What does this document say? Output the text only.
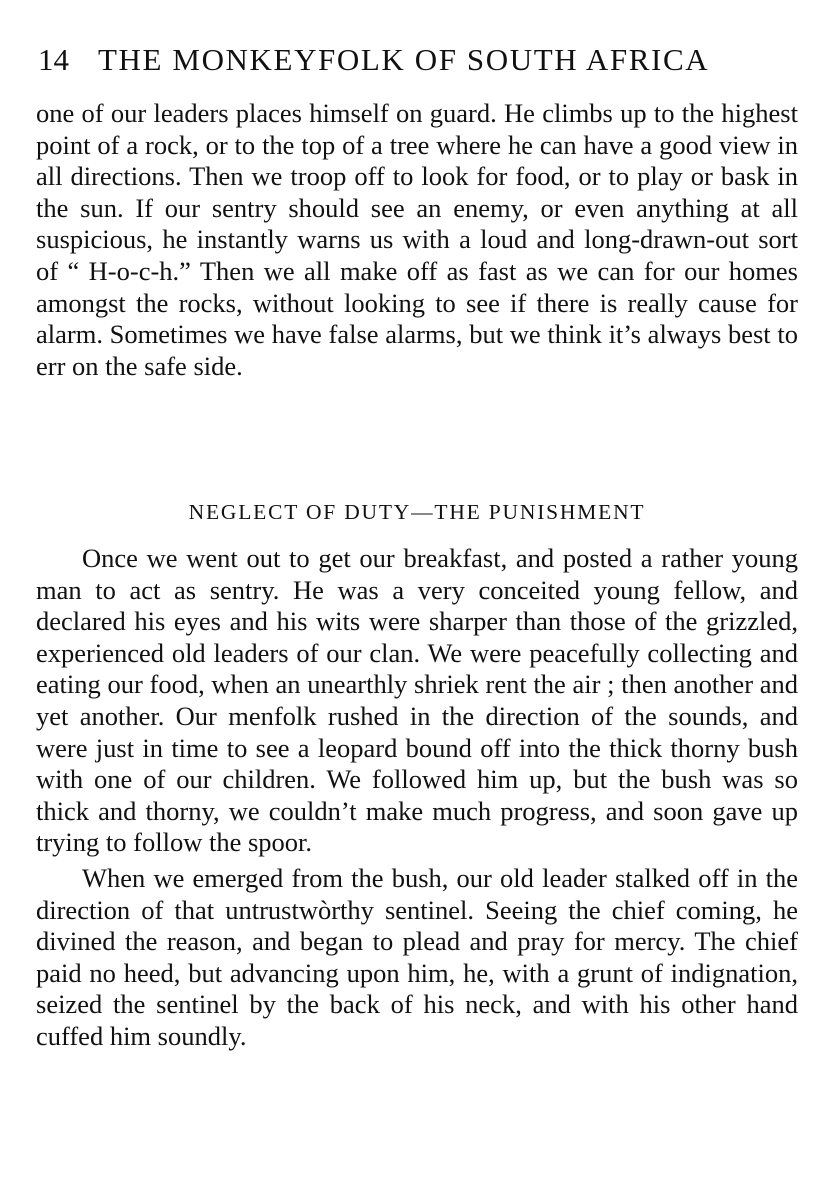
14 THE MONKEYFOLK OF SOUTH AFRICA

one of our leaders places himself on guard. He climbs up to the highest point of a rock, or to the top of a tree where he can have a good view in all directions. Then we troop off to look for food, or to play or bask in the sun. If our sentry should see an enemy, or even anything at all suspicious, he instantly warns us with a loud and long-drawn-out sort of “ H-o-c-h.” Then we all make off as fast as we can for our homes amongst the rocks, without looking to see if there is really cause for alarm. Sometimes we have false alarms, but we think it’s always best to err on the safe side.

NEGLECT OF DUTY—THE PUNISHMENT

Once we went out to get our breakfast, and posted a rather young man to act as sentry. He was a very conceited young fellow, and declared his eyes and his wits were sharper than those of the grizzled, experienced old leaders of our clan. We were peacefully collecting and eating our food, when an unearthly shriek rent the air ; then another and yet another. Our menfolk rushed in the direction of the sounds, and were just in time to see a leopard bound off into the thick thorny bush with one of our children. We followed him up, but the bush was so thick and thorny, we couldn’t make much progress, and soon gave up trying to follow the spoor.

When we emerged from the bush, our old leader stalked off in the direction of that untrustwòrthy sentinel. Seeing the chief coming, he divined the reason, and began to plead and pray for mercy. The chief paid no heed, but advancing upon him, he, with a grunt of indignation, seized the sentinel by the back of his neck, and with his other hand cuffed him soundly.
